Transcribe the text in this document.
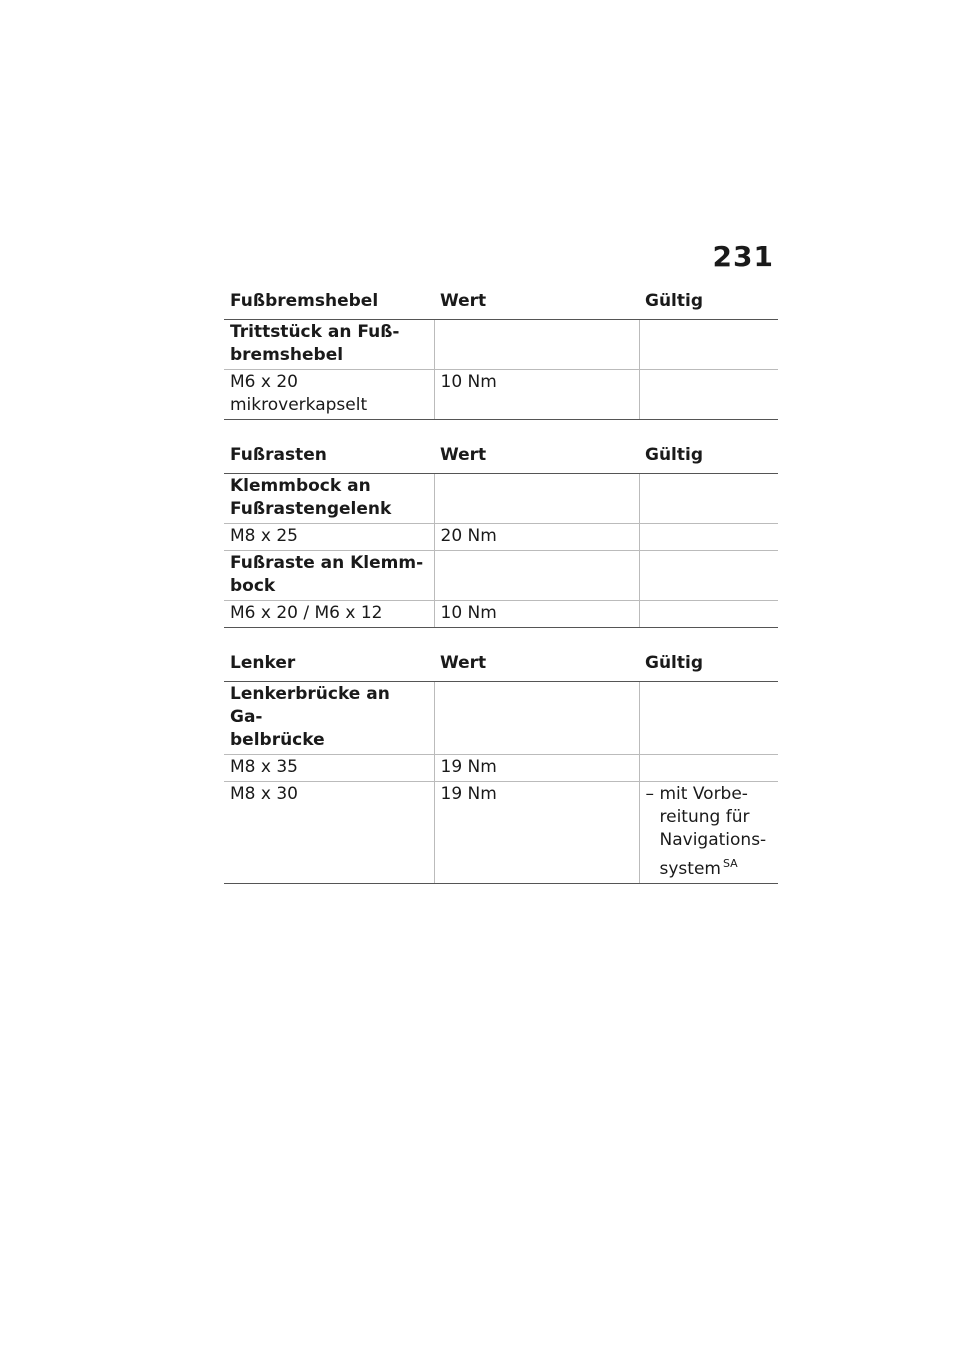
231
Fußbremshebel	Wert	Gültig
Trittstück an Fuß-
bremshebel		
M6 x 20
mikroverkapselt	10 Nm	
Fußrasten	Wert	Gültig
Klemmbock an
Fußrastengelenk		
M8 x 25	20 Nm	
Fußraste an Klemm-
bock		
M6 x 20 / M6 x 12	10 Nm	
Lenker	Wert	Gültig
Lenkerbrücke an Ga-
belbrücke		
M8 x 35	19 Nm	
M8 x 30	19 Nm	– mit Vorbe-
reitung für
Navigations-
system $^{SA}$
